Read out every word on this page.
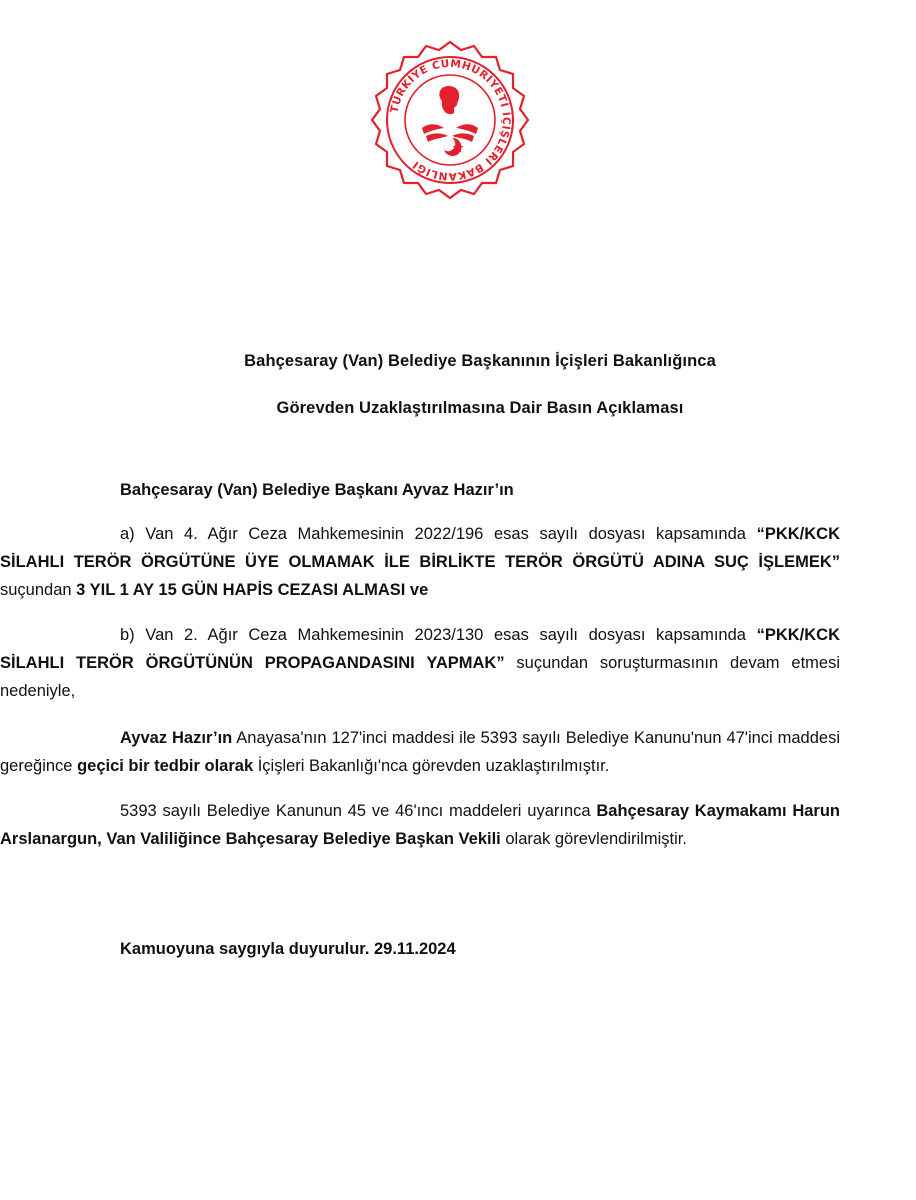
TÜRKİYE CUMHURİYETİ İÇİŞLERİ BAKANLIĞI
Bahçesaray (Van) Belediye Başkanının İçişleri Bakanlığınca
Görevden Uzaklaştırılmasına Dair Basın Açıklaması
Bahçesaray (Van) Belediye Başkanı Ayvaz Hazır’ın

a) Van 4. Ağır Ceza Mahkemesinin 2022/196 esas sayılı dosyası kapsamında “PKK/KCK SİLAHLI TERÖR ÖRGÜTÜNE ÜYE OLMAMAK İLE BİRLİKTE TERÖR ÖRGÜTÜ ADINA SUÇ İŞLEMEK” suçundan 3 YIL 1 AY 15 GÜN HAPİS CEZASI ALMASI ve

b) Van 2. Ağır Ceza Mahkemesinin 2023/130 esas sayılı dosyası kapsamında “PKK/KCK SİLAHLI TERÖR ÖRGÜTÜNÜN PROPAGANDASINI YAPMAK” suçundan soruşturmasının devam etmesi nedeniyle,

Ayvaz Hazır’ın Anayasa'nın 127'inci maddesi ile 5393 sayılı Belediye Kanunu'nun 47'inci maddesi gereğince geçici bir tedbir olarak İçişleri Bakanlığı'nca görevden uzaklaştırılmıştır.

5393 sayılı Belediye Kanunun 45 ve 46'ıncı maddeleri uyarınca Bahçesaray Kaymakamı Harun Arslanargun, Van Valiliğince Bahçesaray Belediye Başkan Vekili olarak görevlendirilmiştir.

Kamuoyuna saygıyla duyurulur. 29.11.2024
